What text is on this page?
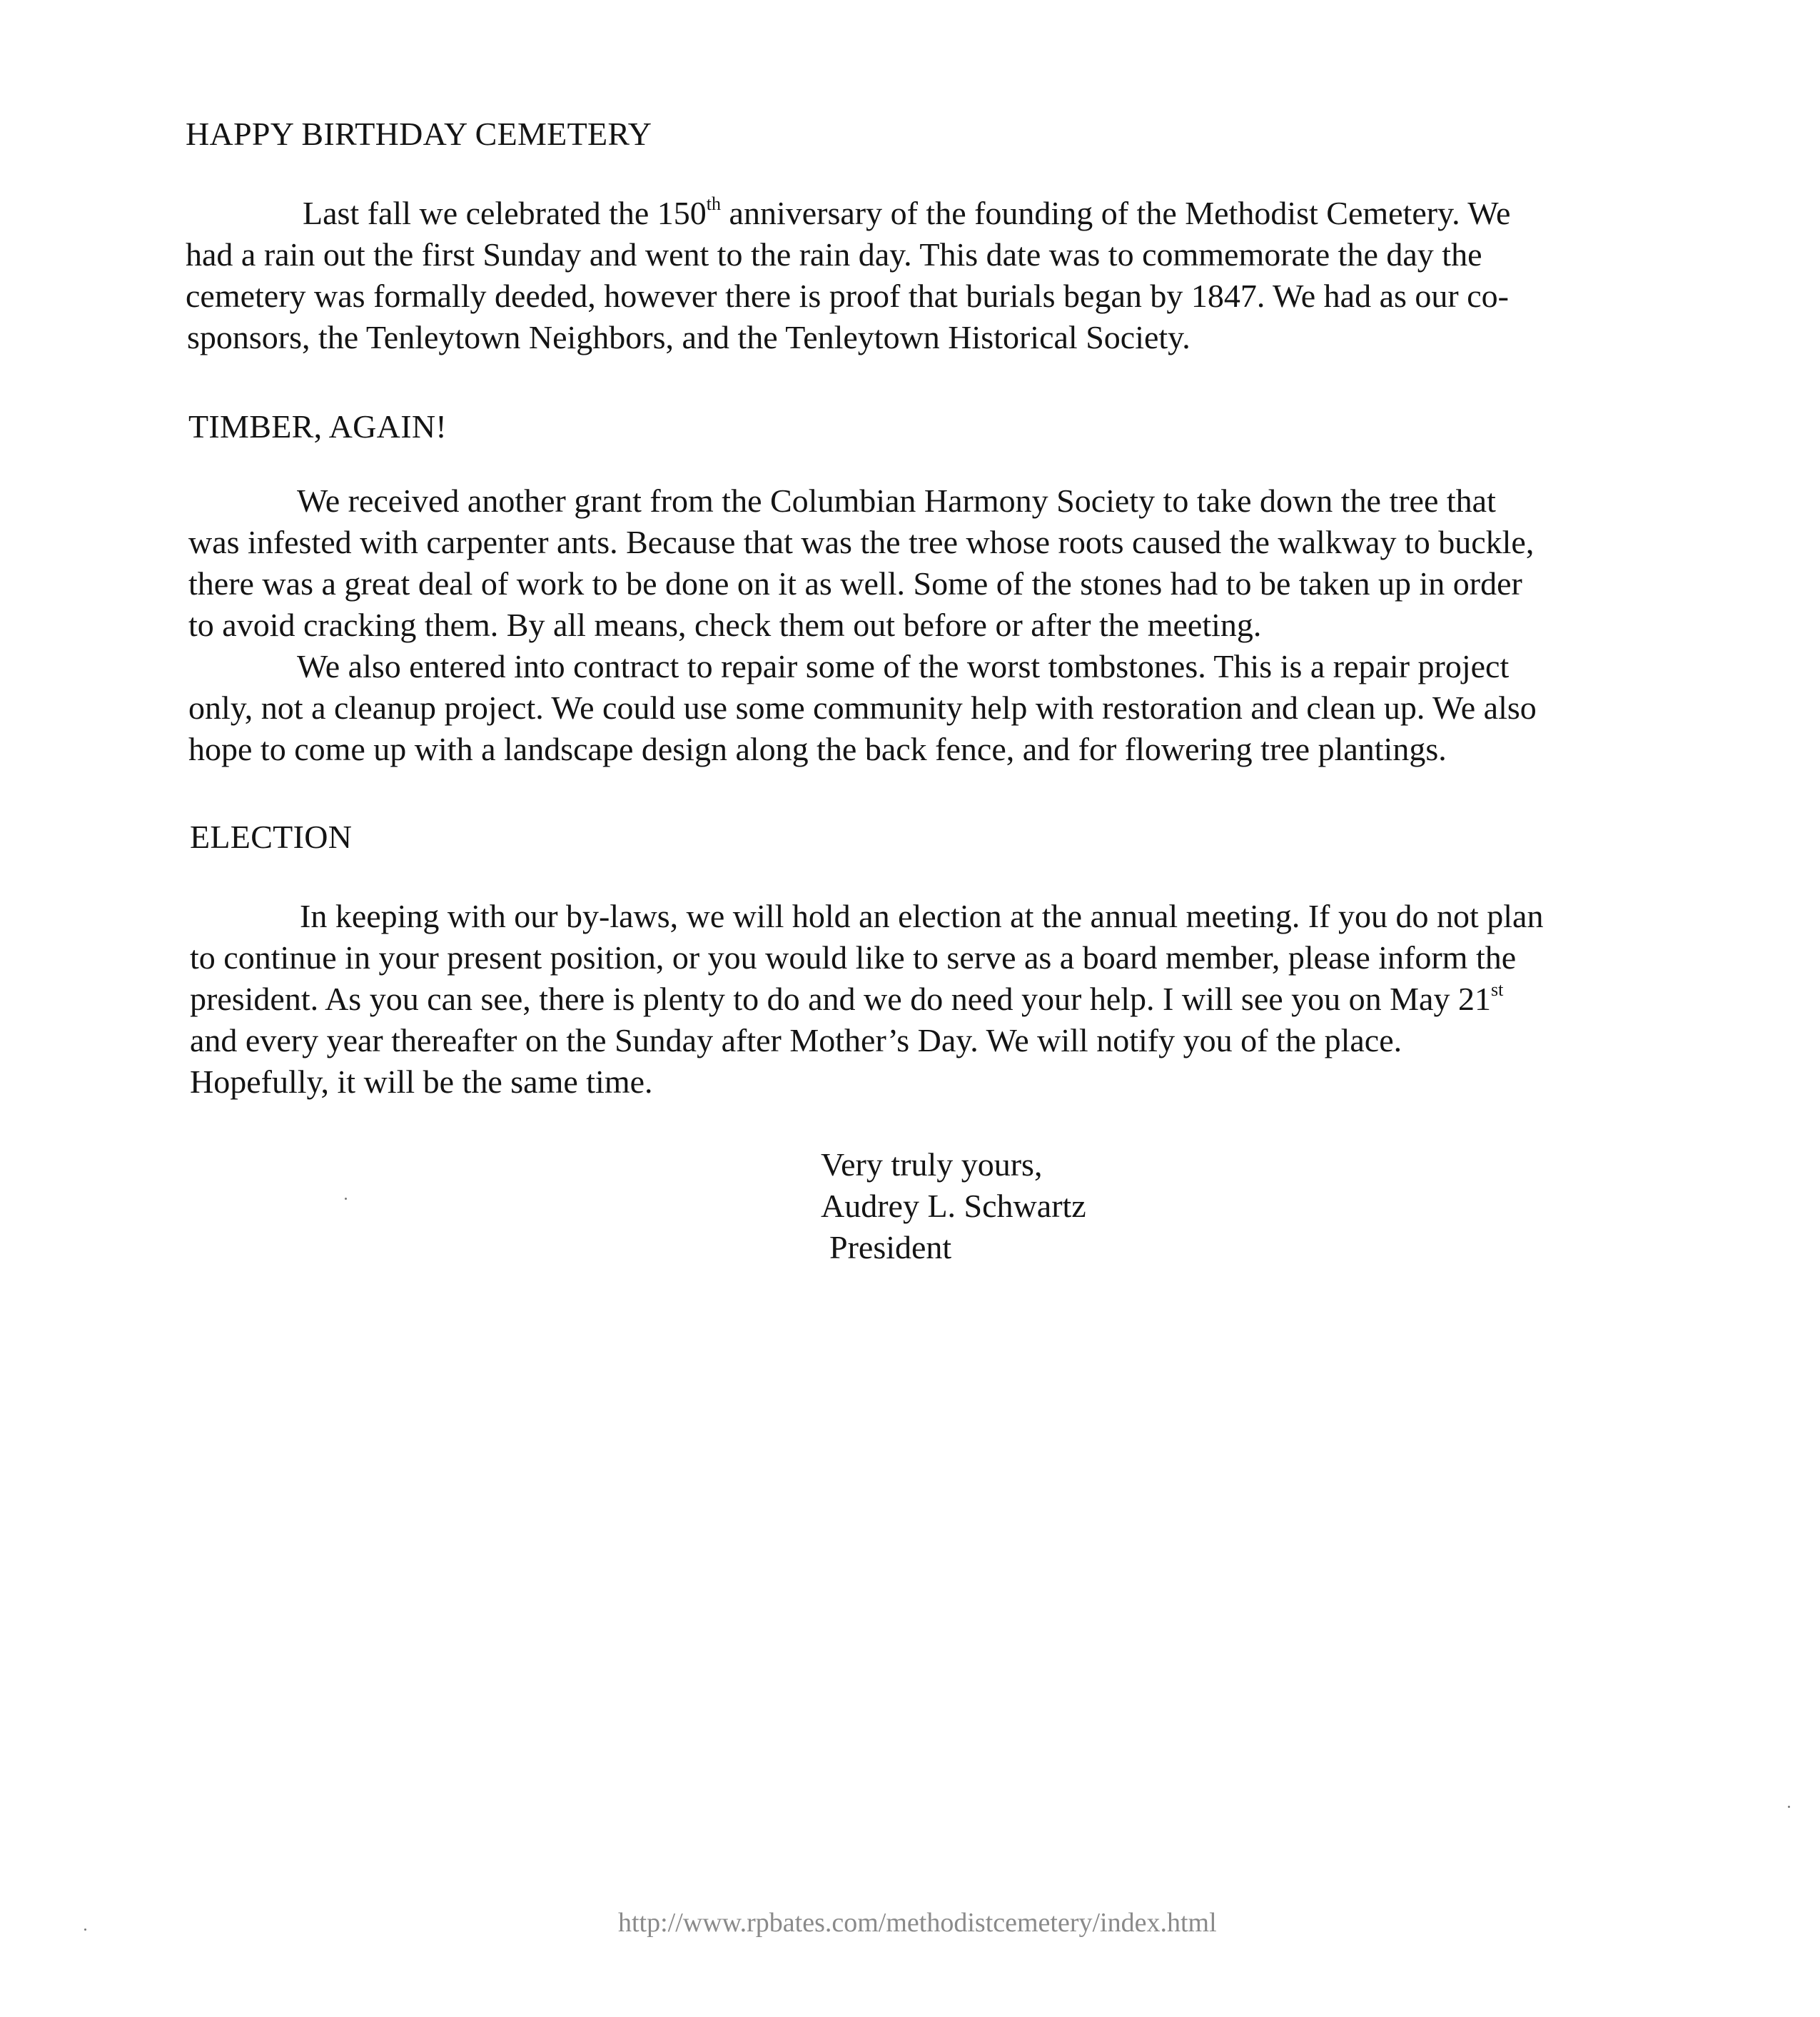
HAPPY BIRTHDAY CEMETERY
Last fall we celebrated the 150th anniversary of the founding of the Methodist Cemetery. We
had a rain out the first Sunday and went to the rain day. This date was to commemorate the day the
cemetery was formally deeded, however there is proof that burials began by 1847. We had as our co-
sponsors, the Tenleytown Neighbors, and the Tenleytown Historical Society.
TIMBER, AGAIN!
We received another grant from the Columbian Harmony Society to take down the tree that
was infested with carpenter ants. Because that was the tree whose roots caused the walkway to buckle,
there was a great deal of work to be done on it as well. Some of the stones had to be taken up in order
to avoid cracking them. By all means, check them out before or after the meeting.
We also entered into contract to repair some of the worst tombstones. This is a repair project
only, not a cleanup project. We could use some community help with restoration and clean up. We also
hope to come up with a landscape design along the back fence, and for flowering tree plantings.
ELECTION
In keeping with our by-laws, we will hold an election at the annual meeting. If you do not plan
to continue in your present position, or you would like to serve as a board member, please inform the
president. As you can see, there is plenty to do and we do need your help. I will see you on May 21st
and every year thereafter on the Sunday after Mother’s Day. We will notify you of the place.
Hopefully, it will be the same time.
Very truly yours,
Audrey L. Schwartz
President
http://www.rpbates.com/methodistcemetery/index.html
